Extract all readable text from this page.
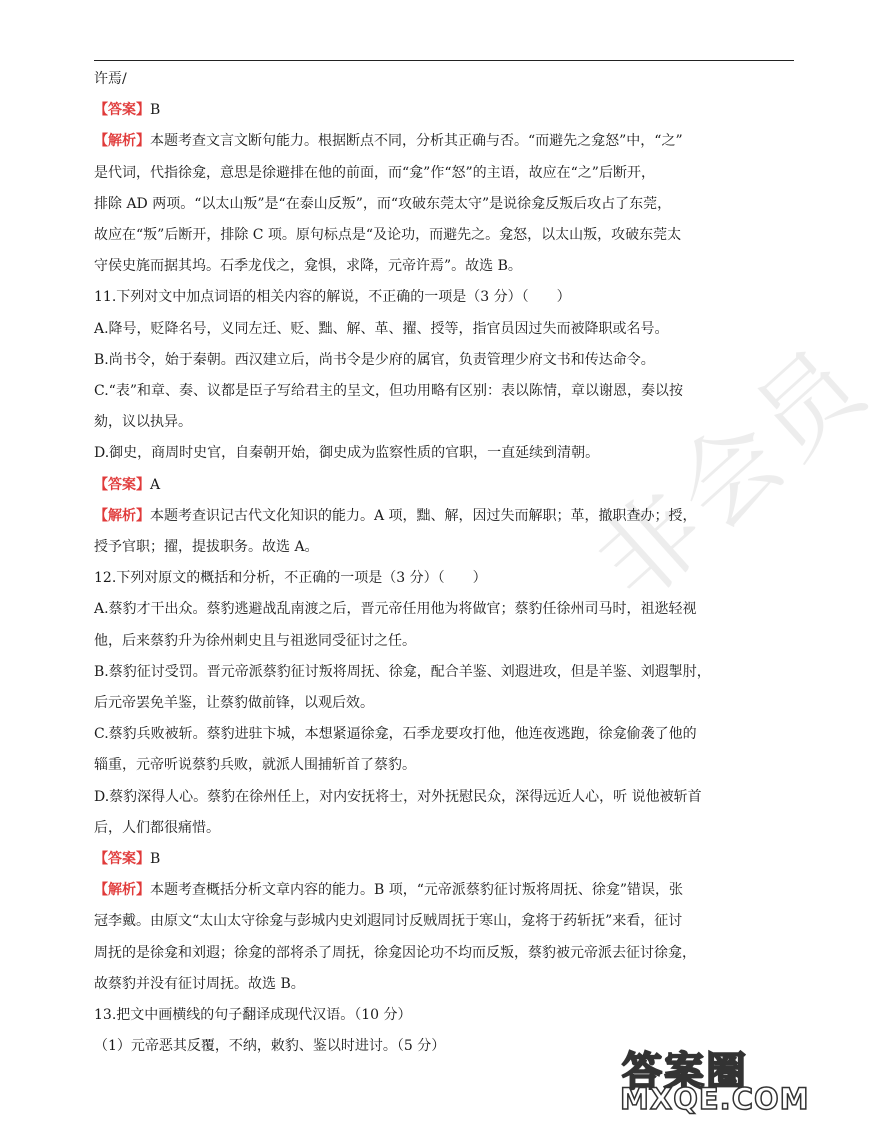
非会员

许焉/

【答案】B

【解析】本题考查文言文断句能力。根据断点不同，分析其正确与否。“而避先之龛怒”中，“之”

是代词，代指徐龛，意思是徐避排在他的前面，而“龛”作“怒”的主语，故应在“之”后断开，

排除 AD 两项。“以太山叛”是“在泰山反叛”，而“攻破东莞太守”是说徐龛反叛后攻占了东莞，

故应在“叛”后断开，排除 C 项。原句标点是“及论功，而避先之。龛怒，以太山叛，攻破东莞太

守侯史旄而据其坞。石季龙伐之，龛惧，求降，元帝许焉”。故选 B。

11.下列对文中加点词语的相关内容的解说，不正确的一项是（3 分）（　　）

A.降号，贬降名号，义同左迁、贬、黜、解、革、擢、授等，指官员因过失而被降职或名号。

B.尚书令，始于秦朝。西汉建立后，尚书令是少府的属官，负责管理少府文书和传达命令。

C.“表”和章、奏、议都是臣子写给君主的呈文，但功用略有区别：表以陈情，章以谢恩，奏以按

劾，议以执异。

D.御史，商周时史官，自秦朝开始，御史成为监察性质的官职，一直延续到清朝。

【答案】A

【解析】本题考查识记古代文化知识的能力。A 项，黜、解，因过失而解职；革，撤职查办；授，

授予官职；擢，提拔职务。故选 A。

12.下列对原文的概括和分析，不正确的一项是（3 分）（　　）

A.蔡豹才干出众。蔡豹逃避战乱南渡之后，晋元帝任用他为将做官；蔡豹任徐州司马时，祖逖轻视

他，后来蔡豹升为徐州刺史且与祖逖同受征讨之任。

B.蔡豹征讨受罚。晋元帝派蔡豹征讨叛将周抚、徐龛，配合羊鉴、刘遐进攻，但是羊鉴、刘遐掣肘，

后元帝罢免羊鉴，让蔡豹做前锋，以观后效。

C.蔡豹兵败被斩。蔡豹进驻卞城，本想紧逼徐龛，石季龙要攻打他，他连夜逃跑，徐龛偷袭了他的

辎重，元帝听说蔡豹兵败，就派人围捕斩首了蔡豹。

D.蔡豹深得人心。蔡豹在徐州任上，对内安抚将士，对外抚慰民众，深得远近人心，听 说他被斩首

后，人们都很痛惜。

【答案】B

【解析】本题考查概括分析文章内容的能力。B 项，“元帝派蔡豹征讨叛将周抚、徐龛”错误，张

冠李戴。由原文“太山太守徐龛与彭城内史刘遐同讨反贼周抚于寒山，龛将于药斩抚”来看，征讨

周抚的是徐龛和刘遐；徐龛的部将杀了周抚，徐龛因论功不均而反叛，蔡豹被元帝派去征讨徐龛，

故蔡豹并没有征讨周抚。故选 B。

13.把文中画横线的句子翻译成现代汉语。（10 分）

（1）元帝恶其反覆，不纳，敕豹、鉴以时进讨。（5 分）

答案圈
MXQE.COM
